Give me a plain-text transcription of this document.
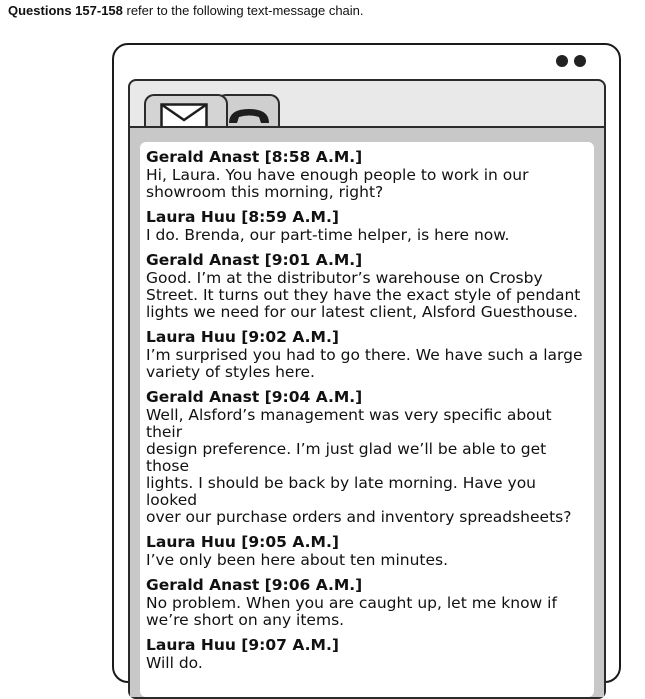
Questions 157-158 refer to the following text-message chain.
Gerald Anast [8:58 A.M.]
Hi, Laura. You have enough people to work in our
showroom this morning, right?
Laura Huu [8:59 A.M.]
I do. Brenda, our part-time helper, is here now.
Gerald Anast [9:01 A.M.]
Good. I’m at the distributor’s warehouse on Crosby
Street. It turns out they have the exact style of pendant
lights we need for our latest client, Alsford Guesthouse.
Laura Huu [9:02 A.M.]
I’m surprised you had to go there. We have such a large
variety of styles here.
Gerald Anast [9:04 A.M.]
Well, Alsford’s management was very specific about their
design preference. I’m just glad we’ll be able to get those
lights. I should be back by late morning. Have you looked
over our purchase orders and inventory spreadsheets?
Laura Huu [9:05 A.M.]
I’ve only been here about ten minutes.
Gerald Anast [9:06 A.M.]
No problem. When you are caught up, let me know if
we’re short on any items.
Laura Huu [9:07 A.M.]
Will do.
